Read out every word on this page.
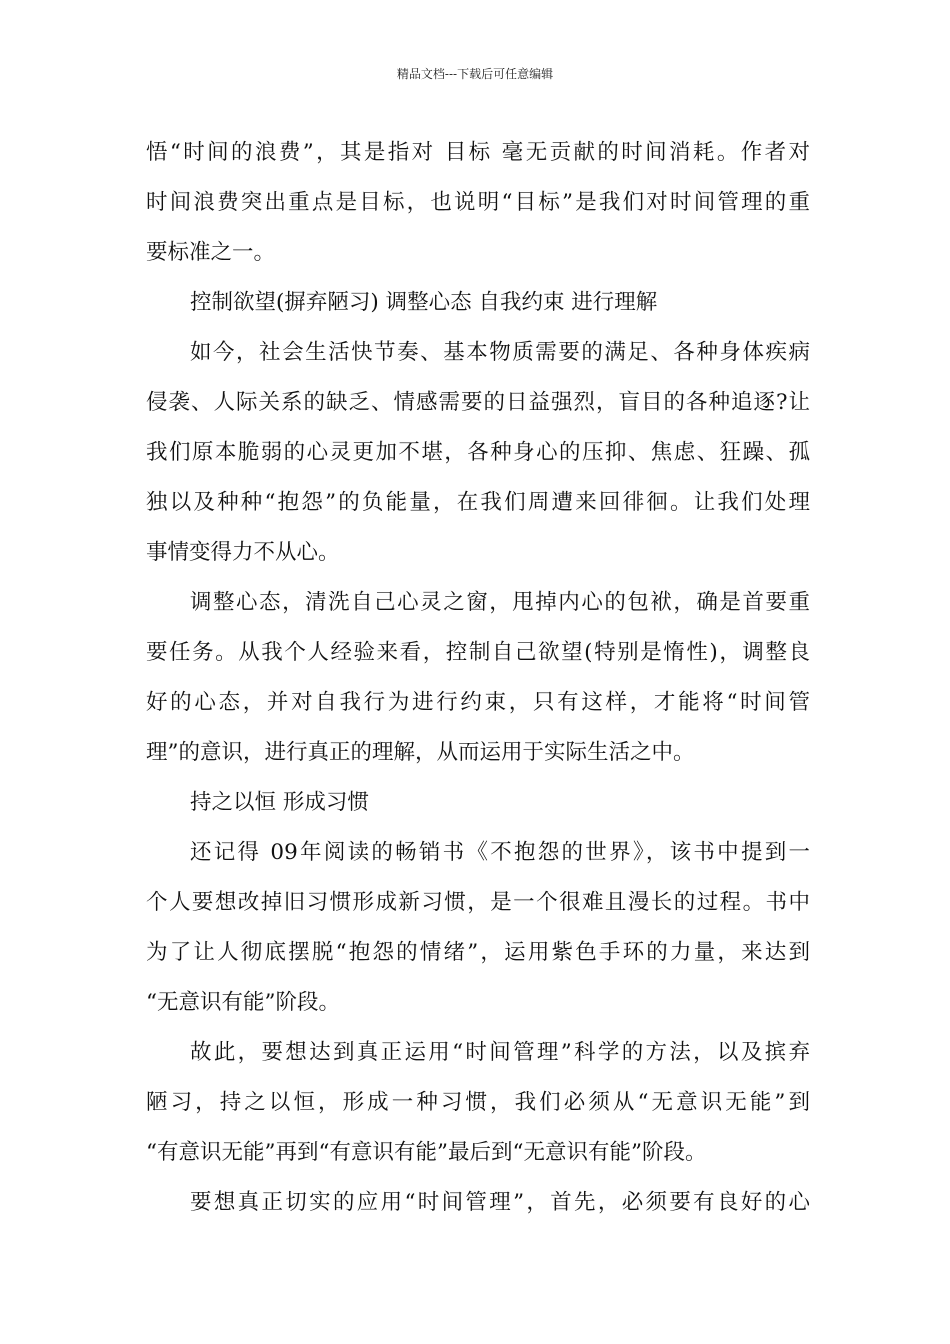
精品文档---下载后可任意编辑
悟“时间的浪费”，其是指对 目标 毫无贡献的时间消耗。作者对
时间浪费突出重点是目标，也说明“目标”是我们对时间管理的重
要标准之一。
控制欲望(摒弃陋习) 调整心态 自我约束 进行理解
如今，社会生活快节奏、基本物质需要的满足、各种身体疾病
侵袭、人际关系的缺乏、情感需要的日益强烈，盲目的各种追逐?让
我们原本脆弱的心灵更加不堪，各种身心的压抑、焦虑、狂躁、孤
独以及种种“抱怨”的负能量，在我们周遭来回徘徊。让我们处理
事情变得力不从心。
调整心态，清洗自己心灵之窗，甩掉内心的包袱，确是首要重
要任务。从我个人经验来看，控制自己欲望(特别是惰性)，调整良
好的心态，并对自我行为进行约束，只有这样，才能将“时间管
理”的意识，进行真正的理解，从而运用于实际生活之中。
持之以恒 形成习惯
还记得 09年阅读的畅销书《不抱怨的世界》，该书中提到一
个人要想改掉旧习惯形成新习惯，是一个很难且漫长的过程。书中
为了让人彻底摆脱“抱怨的情绪”，运用紫色手环的力量，来达到
“无意识有能”阶段。
故此，要想达到真正运用“时间管理”科学的方法，以及摈弃
陋习，持之以恒，形成一种习惯，我们必须从“无意识无能”到
“有意识无能”再到“有意识有能”最后到“无意识有能”阶段。
要想真正切实的应用“时间管理”，首先，必须要有良好的心
